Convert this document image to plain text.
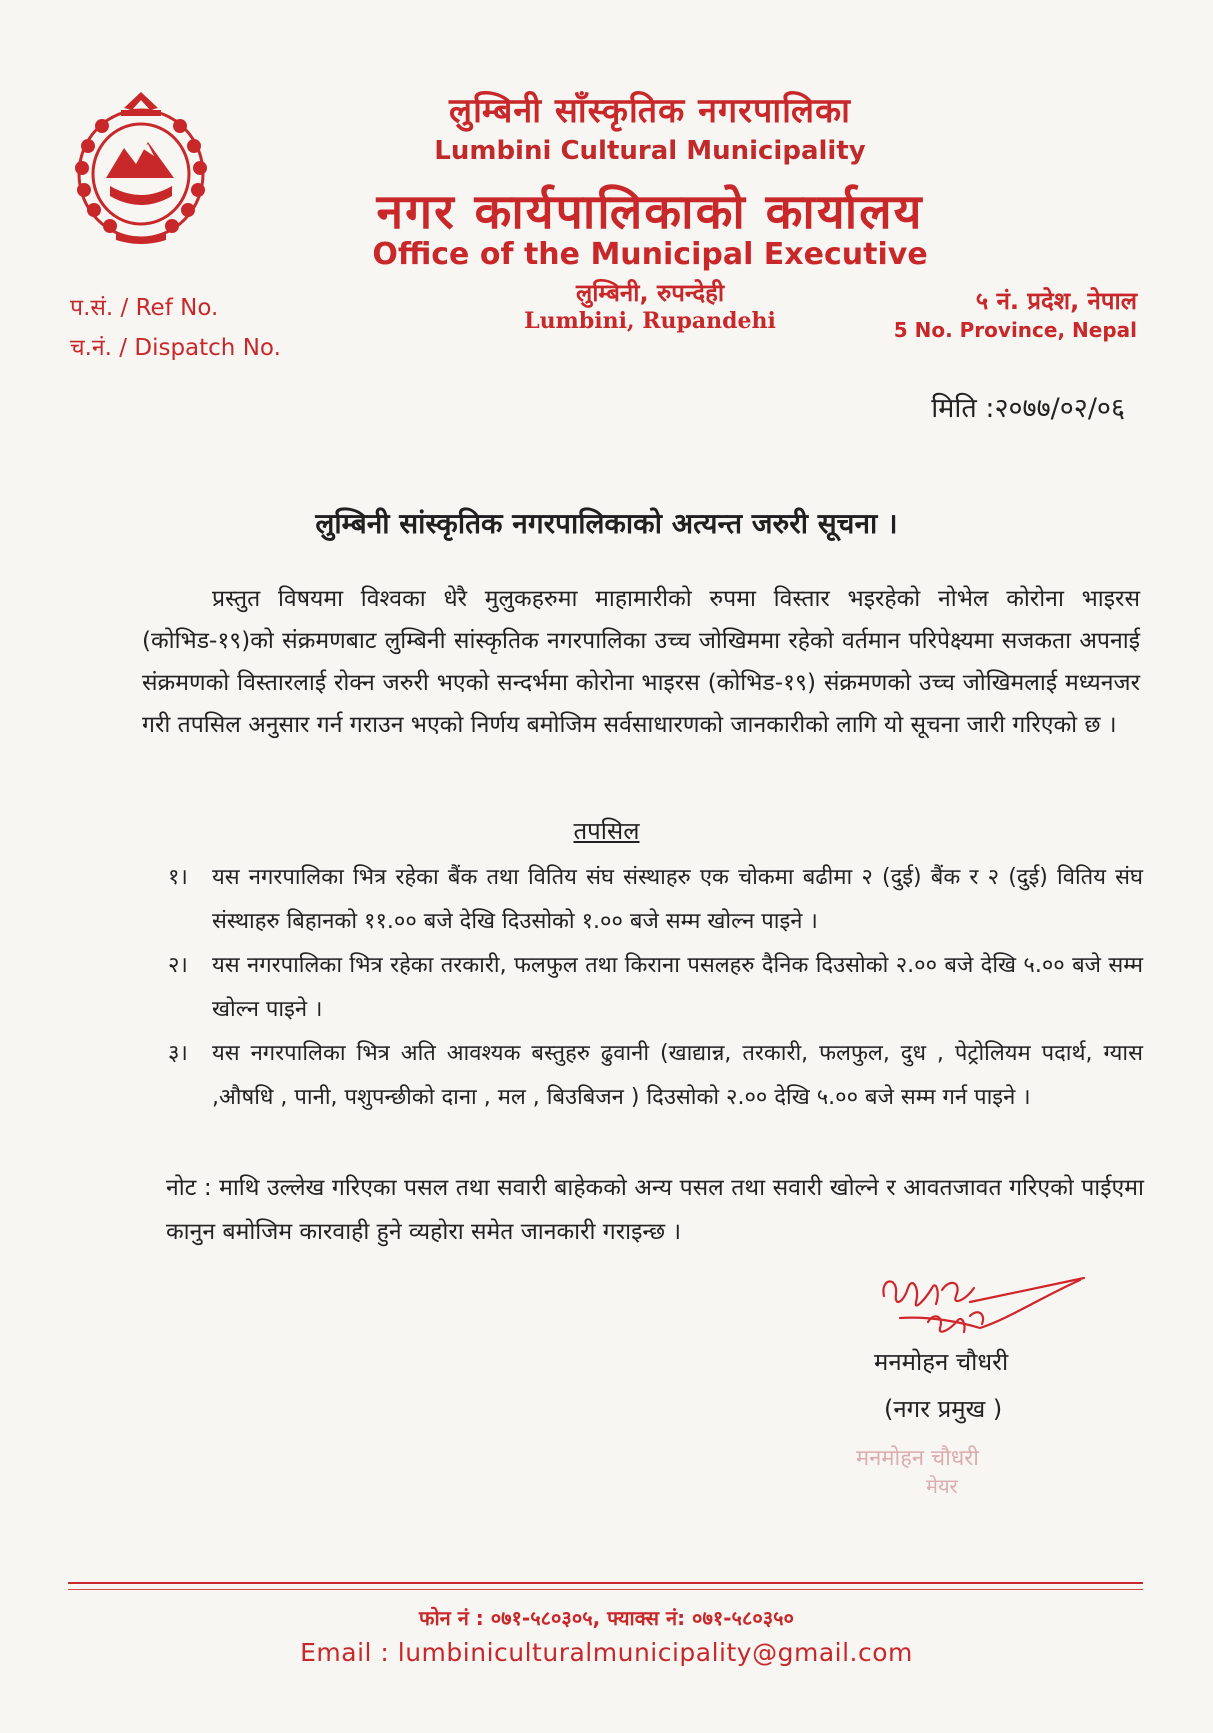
लुम्बिनी साँस्कृतिक नगरपालिका
Lumbini Cultural Municipality
नगर कार्यपालिकाको कार्यालय
Office of the Municipal Executive
लुम्बिनी, रुपन्देही
Lumbini, Rupandehi
प.सं. / Ref No.
च.नं. / Dispatch No.
५ नं. प्रदेश, नेपाल
5 No. Province, Nepal
मिति :२०७७/०२/०६
लुम्बिनी सांस्कृतिक नगरपालिकाको अत्यन्त जरुरी सूचना ।

प्रस्तुत विषयमा विश्वका धेरै मुलुकहरुमा माहामारीको रुपमा विस्तार भइरहेको नोभेल कोरोना भाइरस (कोभिड-१९)को संक्रमणबाट लुम्बिनी सांस्कृतिक नगरपालिका उच्च जोखिममा रहेको वर्तमान परिपेक्ष्यमा सजकता अपनाई संक्रमणको विस्तारलाई रोक्न जरुरी भएको सन्दर्भमा कोरोना भाइरस (कोभिड-१९) संक्रमणको उच्च जोखिमलाई मध्यनजर गरी तपसिल अनुसार गर्न गराउन भएको निर्णय बमोजिम सर्वसाधारणको जानकारीको लागि यो सूचना जारी गरिएको छ ।

तपसिल
१।	यस नगरपालिका भित्र रहेका बैंक तथा वितिय संघ संस्थाहरु एक चोकमा बढीमा २ (दुई) बैंक र २ (दुई) वितिय संघ संस्थाहरु बिहानको ११.०० बजे देखि दिउसोको १.०० बजे सम्म खोल्न पाइने ।
२।	यस नगरपालिका भित्र रहेका तरकारी, फलफुल तथा किराना पसलहरु दैनिक दिउसोको २.०० बजे देखि ५.०० बजे सम्म खोल्न पाइने ।
३।	यस नगरपालिका भित्र अति आवश्यक बस्तुहरु ढुवानी (खाद्यान्न, तरकारी, फलफुल, दुध , पेट्रोलियम पदार्थ, ग्यास ,औषधि , पानी, पशुपन्छीको दाना , मल , बिउबिजन ) दिउसोको २.०० देखि ५.०० बजे सम्म गर्न पाइने ।
नोट : माथि उल्लेख गरिएका पसल तथा सवारी बाहेकको अन्य पसल तथा सवारी खोल्ने र आवतजावत गरिएको पाईएमा कानुन बमोजिम कारवाही हुने व्यहोरा समेत जानकारी गराइन्छ ।
मनमोहन चौधरी
(नगर प्रमुख )
मनमोहन चौधरी
मेयर
फोन नं : ०७१-५८०३०५, फ्याक्स नं: ०७१-५८०३५०
Email : lumbiniculturalmunicipality@gmail.com
